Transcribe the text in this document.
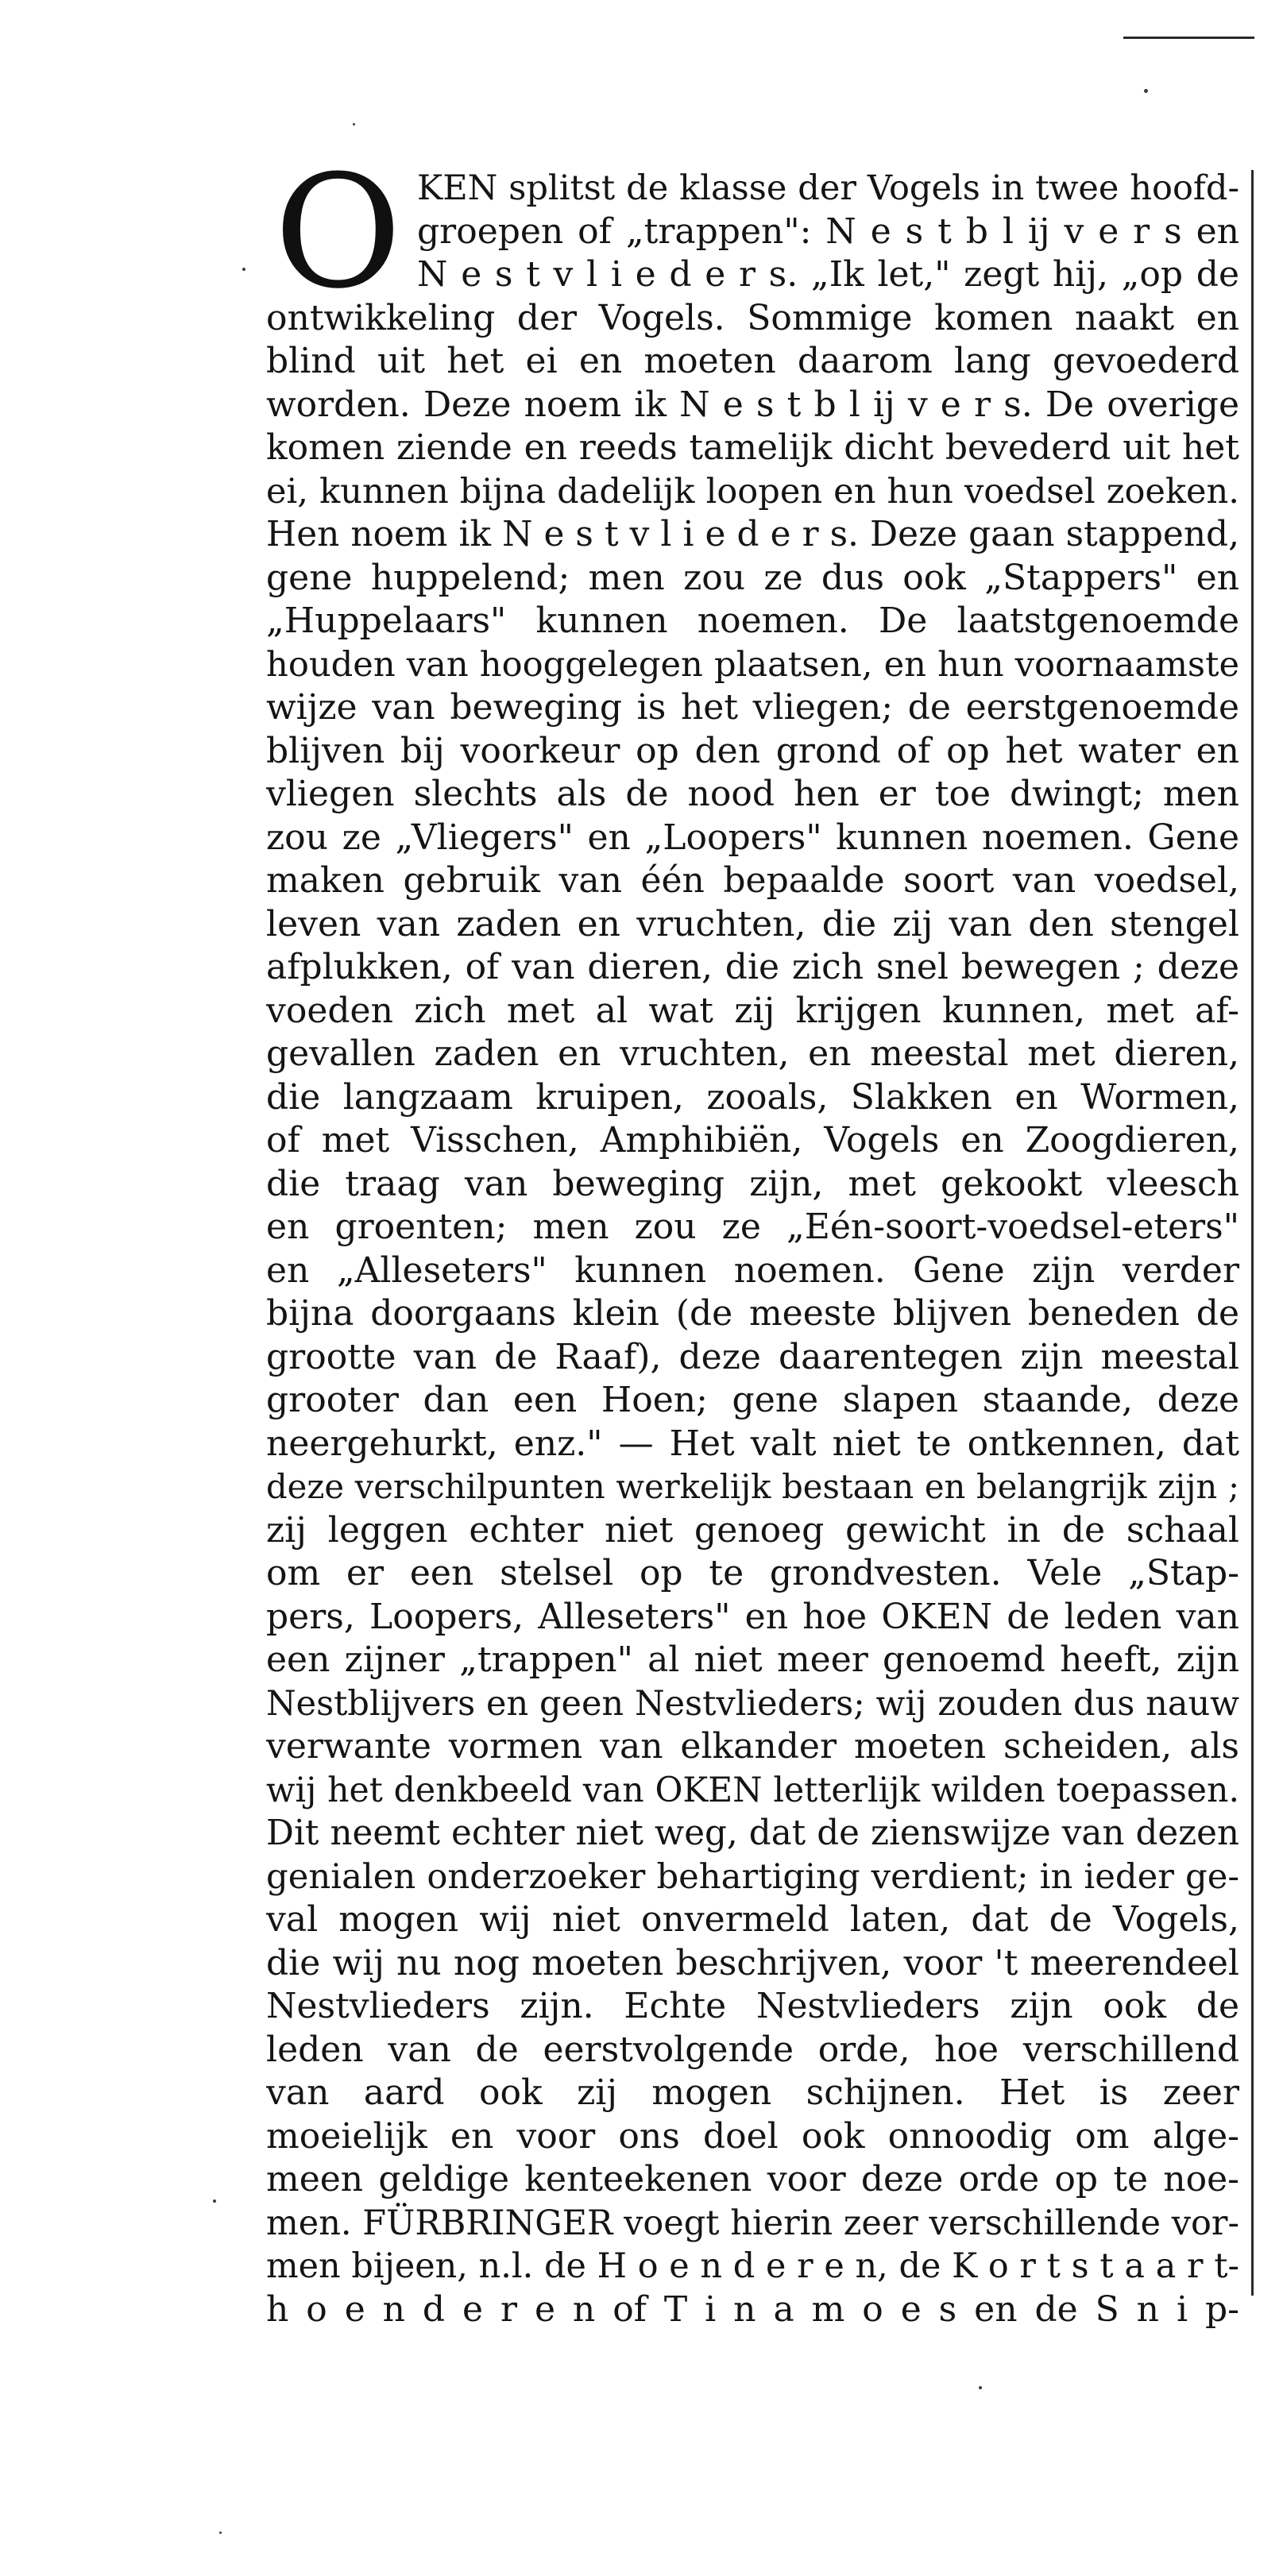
O KEN splitst de klasse der Vogels in twee hoofd-
groepen of „trappen": N e s t b l ij v e r s en
N e s t v l i e d e r s. „Ik let," zegt hij, „op de
ontwikkeling der Vogels. Sommige komen naakt en
blind uit het ei en moeten daarom lang gevoederd
worden. Deze noem ik N e s t b l ij v e r s. De overige
komen ziende en reeds tamelijk dicht bevederd uit het
ei, kunnen bijna dadelijk loopen en hun voedsel zoeken.
Hen noem ik N e s t v l i e d e r s. Deze gaan stappend,
gene huppelend; men zou ze dus ook „Stappers" en
„Huppelaars" kunnen noemen. De laatstgenoemde
houden van hooggelegen plaatsen, en hun voornaamste
wijze van beweging is het vliegen; de eerstgenoemde
blijven bij voorkeur op den grond of op het water en
vliegen slechts als de nood hen er toe dwingt; men
zou ze „Vliegers" en „Loopers" kunnen noemen. Gene
maken gebruik van één bepaalde soort van voedsel,
leven van zaden en vruchten, die zij van den stengel
afplukken, of van dieren, die zich snel bewegen ; deze
voeden zich met al wat zij krijgen kunnen, met af-
gevallen zaden en vruchten, en meestal met dieren,
die langzaam kruipen, zooals, Slakken en Wormen,
of met Visschen, Amphibiën, Vogels en Zoogdieren,
die traag van beweging zijn, met gekookt vleesch
en groenten; men zou ze „Eén-soort-voedsel-eters"
en „Alleseters" kunnen noemen. Gene zijn verder
bijna doorgaans klein (de meeste blijven beneden de
grootte van de Raaf), deze daarentegen zijn meestal
grooter dan een Hoen; gene slapen staande, deze
neergehurkt, enz." — Het valt niet te ontkennen, dat
deze verschilpunten werkelijk bestaan en belangrijk zijn ;
zij leggen echter niet genoeg gewicht in de schaal
om er een stelsel op te grondvesten. Vele „Stap-
pers, Loopers, Alleseters" en hoe OKEN de leden van
een zijner „trappen" al niet meer genoemd heeft, zijn
Nestblijvers en geen Nestvlieders; wij zouden dus nauw
verwante vormen van elkander moeten scheiden, als
wij het denkbeeld van OKEN letterlijk wilden toepassen.
Dit neemt echter niet weg, dat de zienswijze van dezen
genialen onderzoeker behartiging verdient; in ieder ge-
val mogen wij niet onvermeld laten, dat de Vogels,
die wij nu nog moeten beschrijven, voor 't meerendeel
Nestvlieders zijn. Echte Nestvlieders zijn ook de
leden van de eerstvolgende orde, hoe verschillend
van aard ook zij mogen schijnen. Het is zeer
moeielijk en voor ons doel ook onnoodig om alge-
meen geldige kenteekenen voor deze orde op te noe-
men. FÜRBRINGER voegt hierin zeer verschillende vor-
men bijeen, n.l. de H o e n d e r e n, de K o r t s t a a r t-
h o e n d e r e n of T i n a m o e s en de S n i p-
